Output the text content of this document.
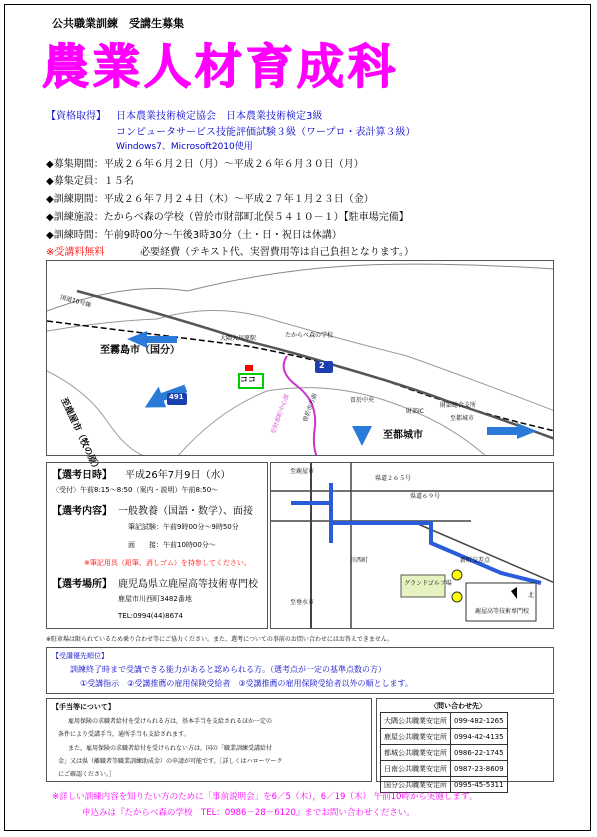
公共職業訓練　受講生募集
農業人材育成科
【資格取得】 日本農業技術検定協会　日本農業技術検定3級
コンピュータサービス技能評価試験３級（ワープロ・表計算３級）
Windows7、Microsoft2010使用
◆募集期間：平成２６年６月２日（月）～平成２６年６月３０日（月）
◆募集定員：１５名
◆訓練期間：平成２６年７月２４日（木）～平成２７年１月２３日（金）
◆訓練施設：たからべ森の学校（曽於市財部町北俣５４１０－１）【駐車場完備】
◆訓練時間：午前9時00分～午後3時30分（土・日・祝日は休講）
※受講料無料	必要経費（テキスト代、実習費用等は自己負担となります。）
国道10号線
大隅大川原駅	たからべ森の学校
至霧島市（国分）
至鹿屋市（牧の原）	至都城市
至都城市
2
491
ココ
曽於中央
財部IC
財部総合支所
至財部町中心部	曽於市方面
【選考日時】 平成26年7月9日（水）
〈受付〉午前8:15～8:50（案内・説明）午前8:50～
【選考内容】 一般教養（国語・数学）、面接
筆記試験：午前9時00分～9時50分
面　　接：午前10時00分～
※筆記用具（鉛筆、消しゴム）を持参してください。
【選考場所】 鹿児島県立鹿屋高等技術専門校
鹿屋市川西町3482番地
TEL:0994(44)8674
至鹿屋市
県道２６５号
県道６９号
グランドゴルフ場
鹿屋高等技術専門校
至垂水市
川西町	新町交差点
北
※駐車場は限られているため乗り合わせ等にご協力ください。また、選考についての事前のお問い合わせにはお答えできません。
【受講優先順位】
訓練終了時まで受講できる能力があると認められる方。（選考点が一定の基準点数の方）
①受講指示　②受講推薦の雇用保険受給者　③受講推薦の雇用保険受給者以外の順とします。
【手当等について】
雇用保険の求職者給付を受けられる方は，基本手当を支給されるほか一定の
条件により受講手当，通所手当も支給されます。
また，雇用保険の求職者給付を受けられない方は，国の「職業訓練受講給付
金」又は県（離職者等職業訓練助成金）の申請が可能です。［詳しくはハローワーク
にご確認ください。］
〈問い合わせ先〉
大隅公共職業安定所	099-482-1265
鹿屋公共職業安定所	0994-42-4135
都城公共職業安定所	0986-22-1745
日南公共職業安定所	0987-23-8609
国分公共職業安定所	0995-45-5311
※詳しい訓練内容を知りたい方のために「事前説明会」を6／5（木），6／19（木） 午前10時から実施します。
申込みは『たからべ森の学校　TEL：0986－28－6120』までお問い合わせください。
